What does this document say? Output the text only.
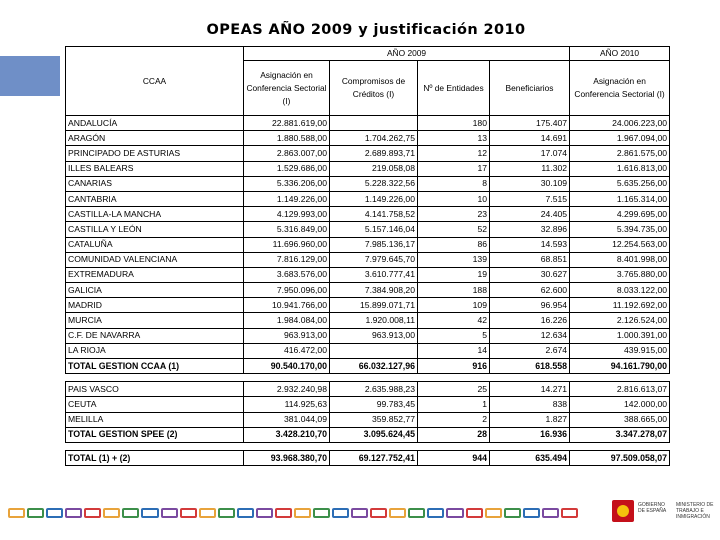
OPEAS AÑO 2009 y justificación 2010
CCAA	AÑO 2009				AÑO 2010
	Asignación en Conferencia Sectorial (I)	Compromisos de Créditos (I)	Nº de Entidades	Beneficiarios	Asignación en Conferencia Sectorial (I)
ANDALUCÍA	22.881.619,00		180	175.407	24.006.223,00
ARAGÓN	1.880.588,00	1.704.262,75	13	14.691	1.967.094,00
PRINCIPADO DE ASTURIAS	2.863.007,00	2.689.893,71	12	17.074	2.861.575,00
ILLES BALEARS	1.529.686,00	219.058,08	17	11.302	1.616.813,00
CANARIAS	5.336.206,00	5.228.322,56	8	30.109	5.635.256,00
CANTABRIA	1.149.226,00	1.149.226,00	10	7.515	1.165.314,00
CASTILLA-LA MANCHA	4.129.993,00	4.141.758,52	23	24.405	4.299.695,00
CASTILLA Y LEÓN	5.316.849,00	5.157.146,04	52	32.896	5.394.735,00
CATALUÑA	11.696.960,00	7.985.136,17	86	14.593	12.254.563,00
COMUNIDAD VALENCIANA	7.816.129,00	7.979.645,70	139	68.851	8.401.998,00
EXTREMADURA	3.683.576,00	3.610.777,41	19	30.627	3.765.880,00
GALICIA	7.950.096,00	7.384.908,20	188	62.600	8.033.122,00
MADRID	10.941.766,00	15.899.071,71	109	96.954	11.192.692,00
MURCIA	1.984.084,00	1.920.008,11	42	16.226	2.126.524,00
C.F. DE NAVARRA	963.913,00	963.913,00	5	12.634	1.000.391,00
LA RIOJA	416.472,00		14	2.674	439.915,00
TOTAL GESTION CCAA (1)	90.540.170,00	66.032.127,96	916	618.558	94.161.790,00

PAIS VASCO	2.932.240,98	2.635.988,23	25	14.271	2.816.613,07
CEUTA	114.925,63	99.783,45	1	838	142.000,00
MELILLA	381.044,09	359.852,77	2	1.827	388.665,00
TOTAL GESTION SPEE (2)	3.428.210,70	3.095.624,45	28	16.936	3.347.278,07

TOTAL (1) + (2)	93.968.380,70	69.127.752,41	944	635.494	97.509.058,07
GOBIERNO DE ESPAÑA
MINISTERIO DE TRABAJO E INMIGRACIÓN
